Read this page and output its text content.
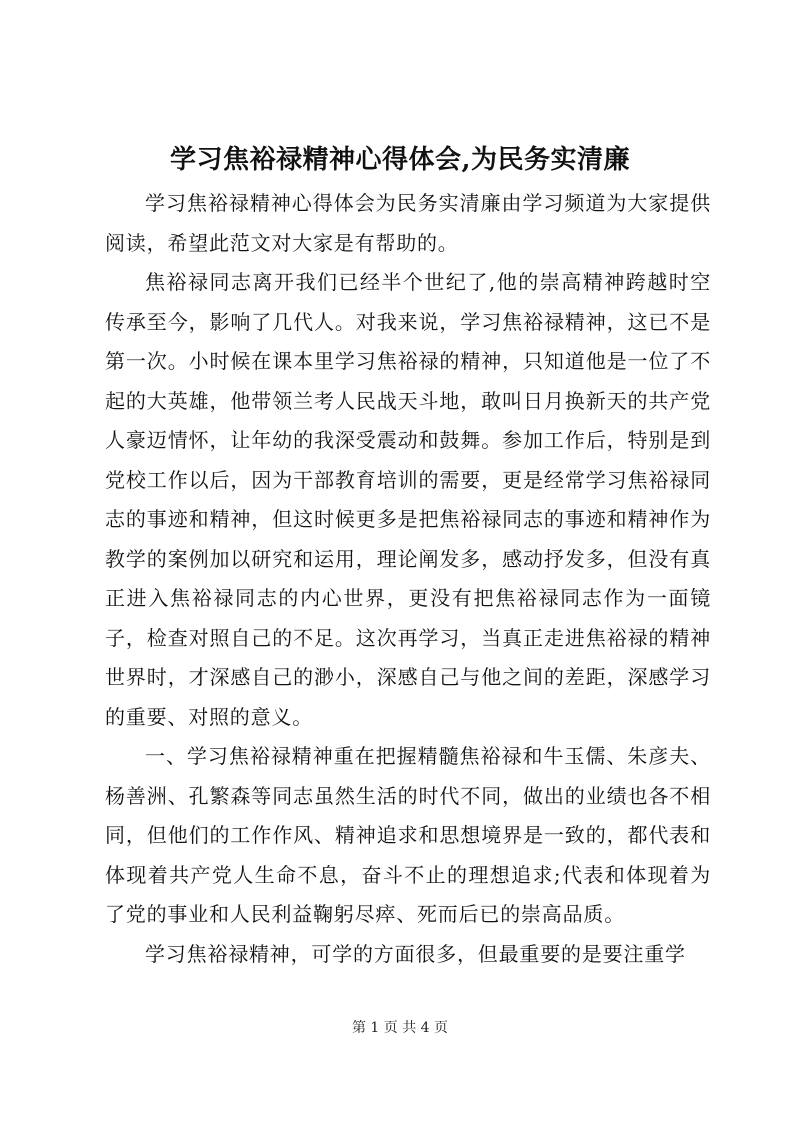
学习焦裕禄精神心得体会,为民务实清廉

学习焦裕禄精神心得体会为民务实清廉由学习频道为大家提供阅读，希望此范文对大家是有帮助的。

焦裕禄同志离开我们已经半个世纪了,他的崇高精神跨越时空传承至今，影响了几代人。对我来说，学习焦裕禄精神，这已不是第一次。小时候在课本里学习焦裕禄的精神，只知道他是一位了不起的大英雄，他带领兰考人民战天斗地，敢叫日月换新天的共产党人豪迈情怀，让年幼的我深受震动和鼓舞。参加工作后，特别是到党校工作以后，因为干部教育培训的需要，更是经常学习焦裕禄同志的事迹和精神，但这时候更多是把焦裕禄同志的事迹和精神作为教学的案例加以研究和运用，理论阐发多，感动抒发多，但没有真正进入焦裕禄同志的内心世界，更没有把焦裕禄同志作为一面镜子，检查对照自己的不足。这次再学习，当真正走进焦裕禄的精神世界时，才深感自己的渺小，深感自己与他之间的差距，深感学习的重要、对照的意义。

一、学习焦裕禄精神重在把握精髓焦裕禄和牛玉儒、朱彦夫、杨善洲、孔繁森等同志虽然生活的时代不同，做出的业绩也各不相同，但他们的工作作风、精神追求和思想境界是一致的，都代表和体现着共产党人生命不息，奋斗不止的理想追求;代表和体现着为了党的事业和人民利益鞠躬尽瘁、死而后已的崇高品质。

学习焦裕禄精神，可学的方面很多，但最重要的是要注重学

第 1 页 共 4 页
